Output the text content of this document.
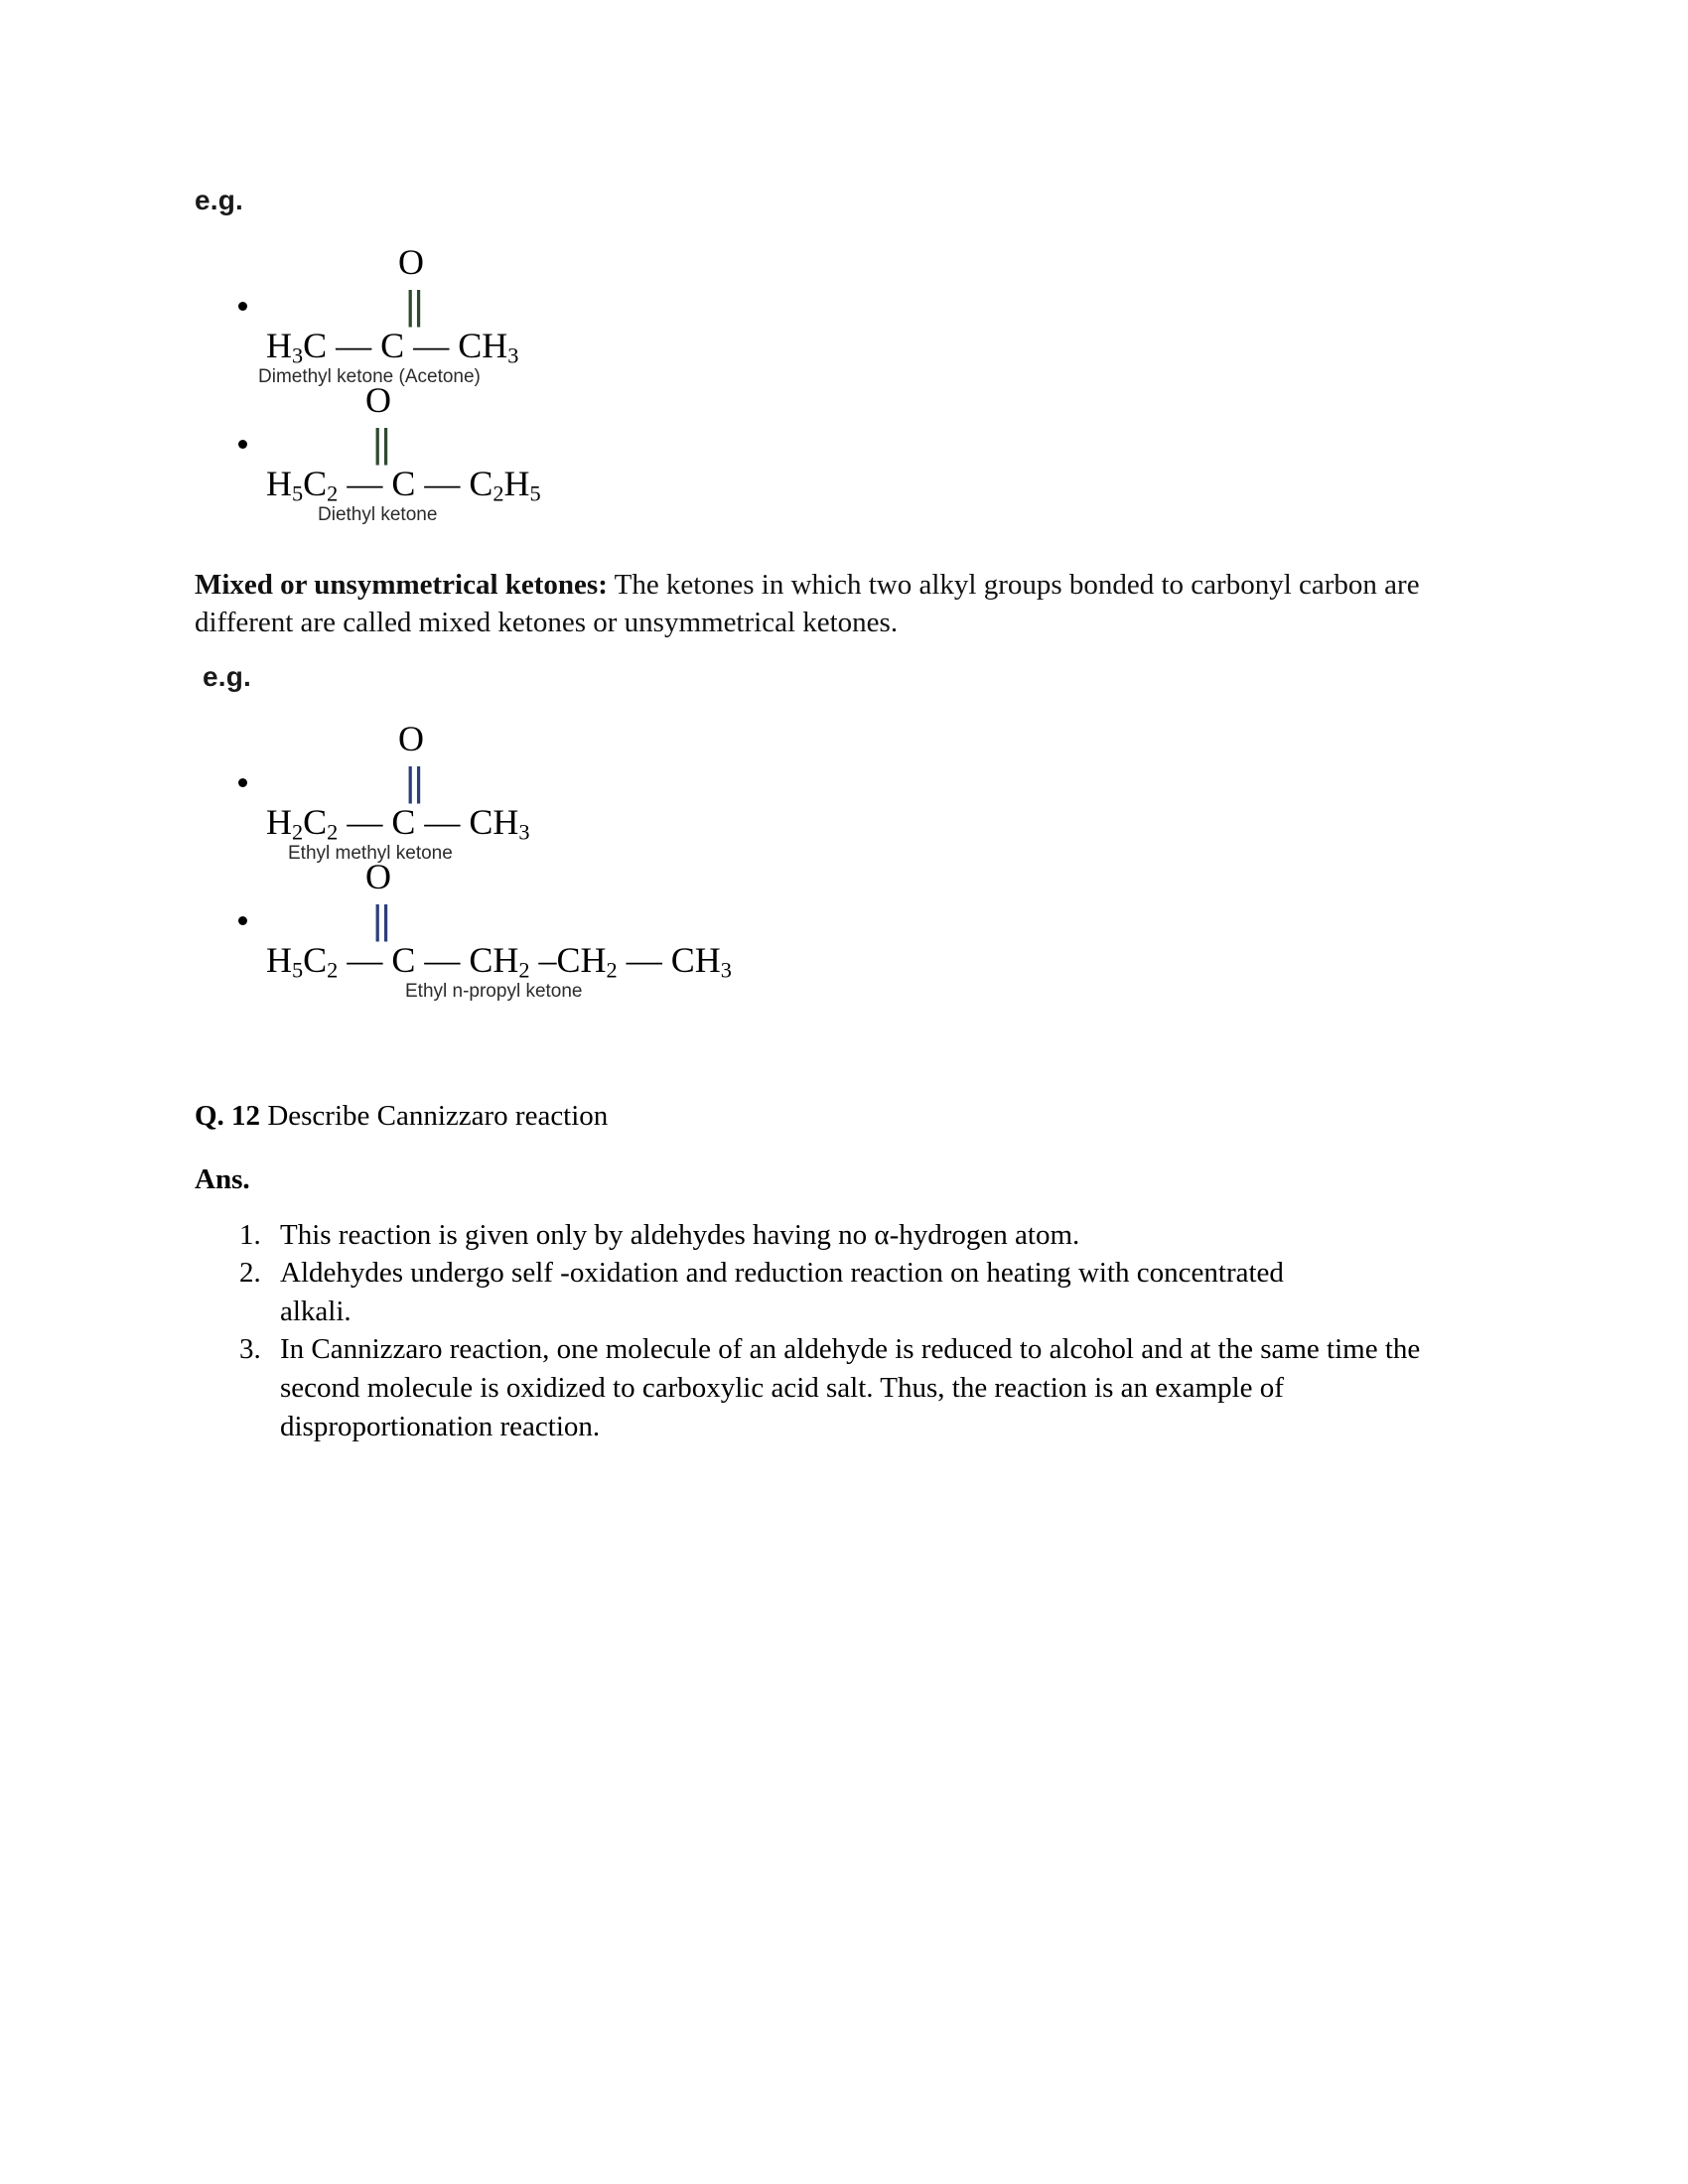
e.g.
O
||
$H_3C$ — C — $CH_3$
Dimethyl ketone (Acetone)
O
||
$H_5C_2$ — C — $C_2H_5$
Diethyl ketone

Mixed or unsymmetrical ketones: The ketones in which two alkyl groups bonded to carbonyl carbon are different are called mixed ketones or unsymmetrical ketones.

e.g.
O
||
$H_2C_2$ — C — $CH_3$
Ethyl methyl ketone
O
||
$H_5C_2$ — C — $CH_2$ $-CH_2$ — $CH_3$
Ethyl n-propyl ketone

Q. 12 Describe Cannizzaro reaction

Ans.

1. This reaction is given only by aldehydes having no α-hydrogen atom.
2. Aldehydes undergo self -oxidation and reduction reaction on heating with concentrated alkali.
3. In Cannizzaro reaction, one molecule of an aldehyde is reduced to alcohol and at the same time the second molecule is oxidized to carboxylic acid salt. Thus, the reaction is an example of disproportionation reaction.
